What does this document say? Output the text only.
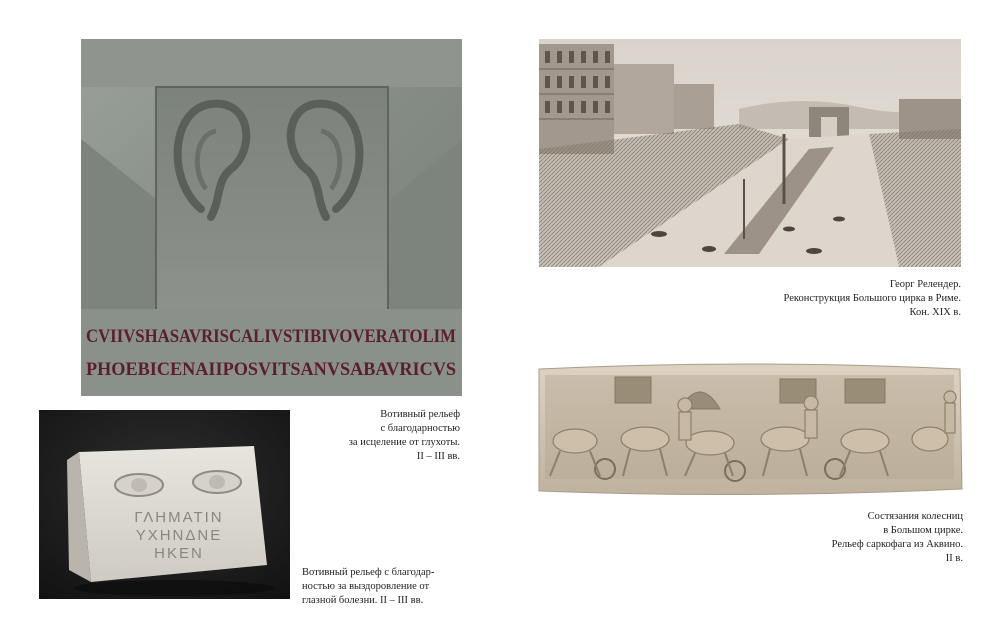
CVIIVSHASAVRISCALIVSTIBIVOVERATOLIM
PHOEBICENAIIPOSVITSANVSABAVRICVS
Вотивный рельеф
с благодарностью
за исцеление от глухоты.
II – III вв.
ΓΛΗΜΑΤΙΝ
ΥΧΗΝΔΝΕ
ΗΚΕΝ
Вотивный рельеф с благодар-
ностью за выздоровление от
глазной болезни. II – III вв.
Георг Релендер.
Реконструкция Большого цирка в Риме.
Кон. XIX в.
Состязания колесниц
в Большом цирке.
Рельеф саркофага из Аквино.
II в.
